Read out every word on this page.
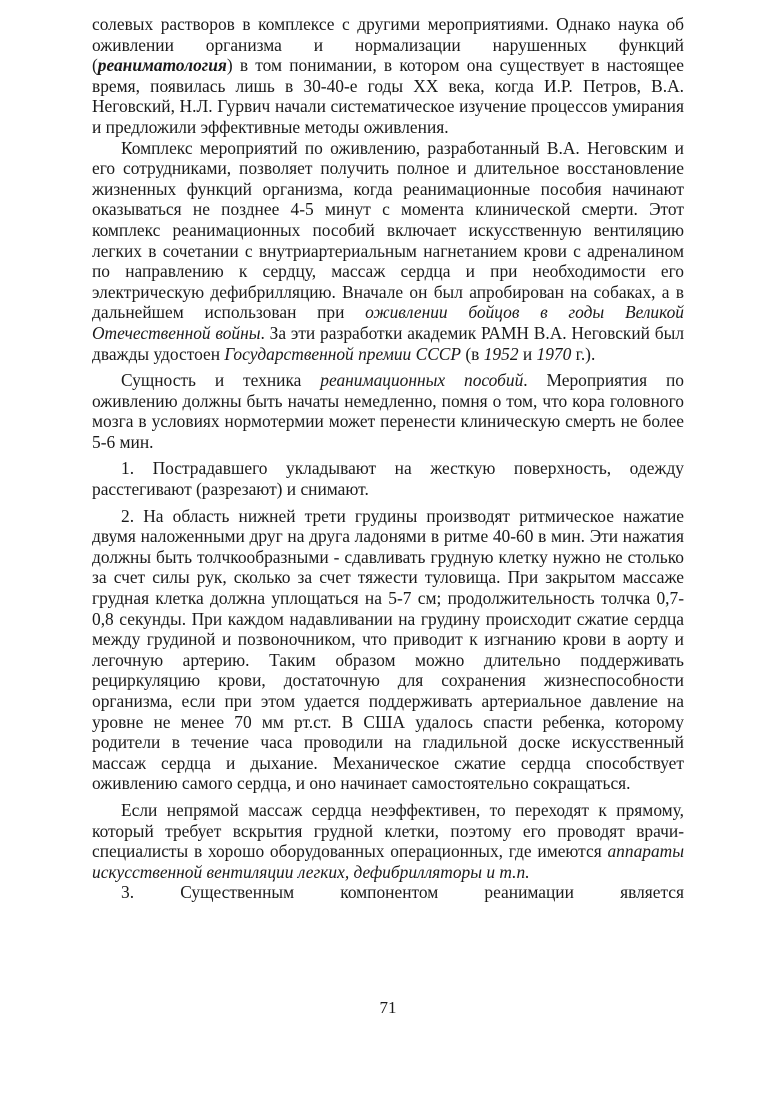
солевых растворов в комплексе с другими мероприятиями. Однако наука об оживлении организма и нормализации нарушенных функций (реаниматология) в том понимании, в котором она существует в настоящее время, появилась лишь в 30-40-е годы XX века, когда И.Р. Петров, В.А. Неговский, Н.Л. Гурвич начали систематическое изучение процессов умирания и предложили эффективные методы оживления.

Комплекс мероприятий по оживлению, разработанный В.А. Неговским и его сотрудниками, позволяет получить полное и длительное восстановление жизненных функций организма, когда реанимационные пособия начинают оказываться не позднее 4-5 минут с момента клинической смерти. Этот комплекс реанимационных пособий включает искусственную вентиляцию легких в сочетании с внутриартериальным нагнетанием крови с адреналином по направлению к сердцу, массаж сердца и при необходимости его электрическую дефибрилляцию. Вначале он был апробирован на собаках, а в дальнейшем использован при оживлении бойцов в годы Великой Отечественной войны. За эти разработки академик РАМН В.А. Неговский был дважды удостоен Государственной премии СССР (в 1952 и 1970 г.).

Сущность и техника реанимационных пособий. Мероприятия по оживлению должны быть начаты немедленно, помня о том, что кора головного мозга в условиях нормотермии может перенести клиническую смерть не более 5-6 мин.

1. Пострадавшего укладывают на жесткую поверхность, одежду расстегивают (разрезают) и снимают.

2. На область нижней трети грудины производят ритмическое нажатие двумя наложенными друг на друга ладонями в ритме 40-60 в мин. Эти нажатия должны быть толчкообразными - сдавливать грудную клетку нужно не столько за счет силы рук, сколько за счет тяжести туловища. При закрытом массаже грудная клетка должна уплощаться на 5-7 см; продолжительность толчка 0,7-0,8 секунды. При каждом надавливании на грудину происходит сжатие сердца между грудиной и позвоночником, что приводит к изгнанию крови в аорту и легочную артерию. Таким образом можно длительно поддерживать рециркуляцию крови, достаточную для сохранения жизнеспособности организма, если при этом удается поддерживать артериальное давление на уровне не менее 70 мм рт.ст. В США удалось спасти ребенка, которому родители в течение часа проводили на гладильной доске искусственный массаж сердца и дыхание. Механическое сжатие сердца способствует оживлению самого сердца, и оно начинает самостоятельно сокращаться.

Если непрямой массаж сердца неэффективен, то переходят к прямому, который требует вскрытия грудной клетки, поэтому его проводят врачи-специалисты в хорошо оборудованных операционных, где имеются аппараты искусственной вентиляции легких, дефибрилляторы и т.п.

3. Существенным компонентом реанимации является

71
